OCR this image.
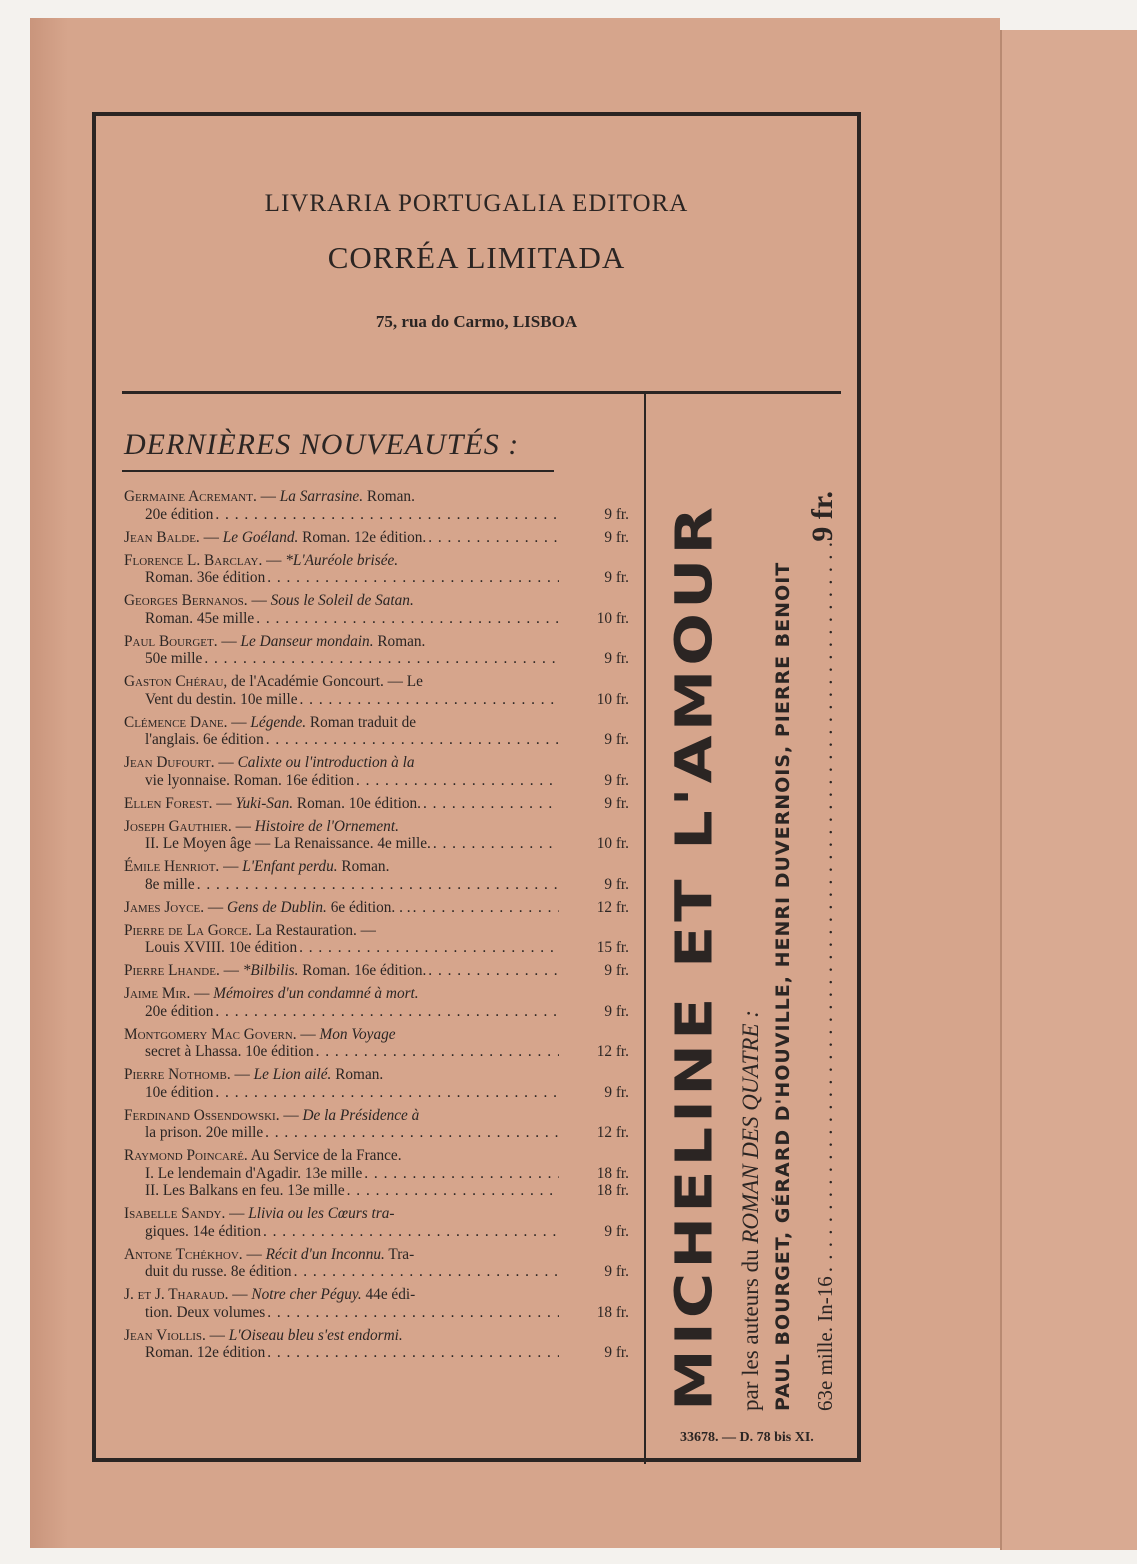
LIVRARIA PORTUGALIA EDITORA
CORRÉA LIMITADA
75, rua do Carmo, LISBOA
DERNIÈRES NOUVEAUTÉS :
Germaine Acremant. — La Sarrasine. Roman.
20e édition . . .	9 fr.
Jean Balde. — Le Goéland. Roman. 12e édition. . . .	9 fr.
Florence L. Barclay. — *L'Auréole brisée.
Roman. 36e édition . . .	9 fr.
Georges Bernanos. — Sous le Soleil de Satan.
Roman. 45e mille . . .	10 fr.
Paul Bourget. — Le Danseur mondain. Roman.
50e mille . . .	9 fr.
Gaston Chérau, de l'Académie Goncourt. — Le
Vent du destin. 10e mille . . .	10 fr.
Clémence Dane. — Légende. Roman traduit de
l'anglais. 6e édition . . .	9 fr.
Jean Dufourt. — Calixte ou l'introduction à la
vie lyonnaise. Roman. 16e édition . . .	9 fr.
Ellen Forest. — Yuki-San. Roman. 10e édition. . . .	9 fr.
Joseph Gauthier. — Histoire de l'Ornement.
II. Le Moyen âge — La Renaissance. 4e mille. . . .	10 fr.
Émile Henriot. — L'Enfant perdu. Roman.
8e mille . . .	9 fr.
James Joyce. — Gens de Dublin. 6e édition. . . . . .	12 fr.
Pierre de La Gorce. La Restauration. —
Louis XVIII. 10e édition . . .	15 fr.
Pierre Lhande. — *Bilbilis. Roman. 16e édition. . . .	9 fr.
Jaime Mir. — Mémoires d'un condamné à mort.
20e édition . . .	9 fr.
Montgomery Mac Govern. — Mon Voyage
secret à Lhassa. 10e édition . . .	12 fr.
Pierre Nothomb. — Le Lion ailé. Roman.
10e édition . . .	9 fr.
Ferdinand Ossendowski. — De la Présidence à
la prison. 20e mille . . .	12 fr.
Raymond Poincaré. Au Service de la France.
I. Le lendemain d'Agadir. 13e mille . . .	18 fr.
II. Les Balkans en feu. 13e mille . . .	18 fr.
Isabelle Sandy. — Llivia ou les Cœurs tra-
giques. 14e édition . . .	9 fr.
Antone Tchékhov. — Récit d'un Inconnu. Tra-
duit du russe. 8e édition . . .	9 fr.
J. et J. Tharaud. — Notre cher Péguy. 44e édi-
tion. Deux volumes . . .	18 fr.
Jean Viollis. — L'Oiseau bleu s'est endormi.
Roman. 12e édition . . .	9 fr. MICHELINE ET L'AMOUR par les auteurs du ROMAN DES QUATRE : PAUL BOURGET, GÉRARD D'HOUVILLE, HENRI DUVERNOIS, PIERRE BENOIT 63e mille. In-16
. . .
9 fr.
33678. — D. 78 bis XI.
